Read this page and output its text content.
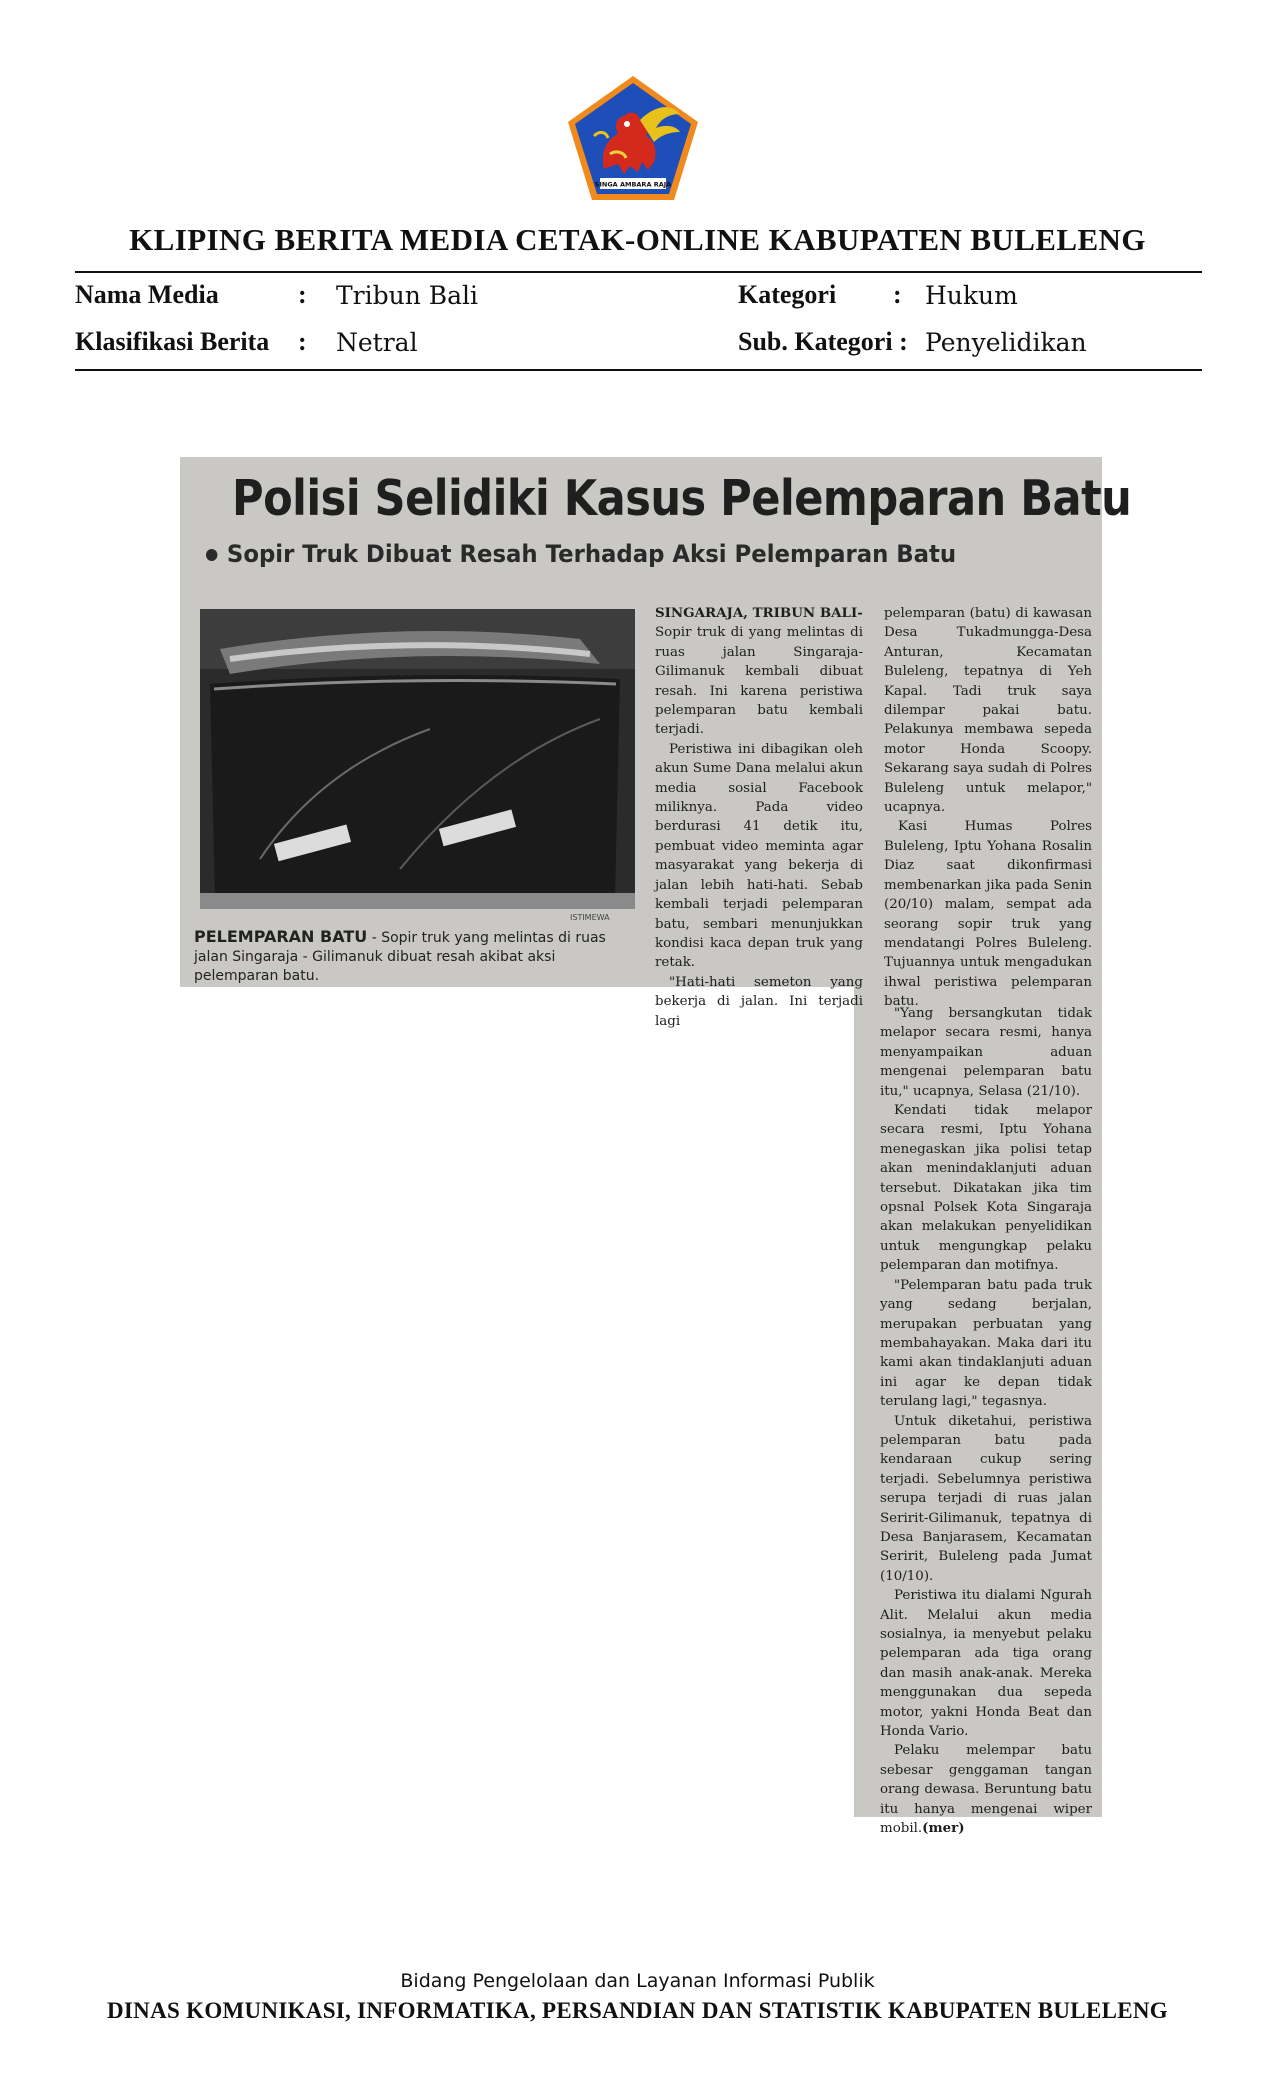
SINGA AMBARA RAJA
KLIPING BERITA MEDIA CETAK-ONLINE KABUPATEN BULELENG
Nama Media	: Tribun Bali	Kategori : Hukum
Klasifikasi Berita : Netral	Sub. Kategori : Penyelidikan
Polisi Selidiki Kasus Pelemparan Batu
Sopir Truk Dibuat Resah Terhadap Aksi Pelemparan Batu
ISTIMEWA
PELEMPARAN BATU - Sopir truk yang melintas di ruas jalan Singaraja - Gilimanuk dibuat resah akibat aksi pelemparan batu.

SINGARAJA, TRIBUN BALI-
Sopir truk di yang melintas di ruas jalan Singaraja-Gilimanuk kembali dibuat resah. Ini karena peristiwa pelemparan batu kembali terjadi.

Peristiwa ini dibagikan oleh akun Sume Dana melalui akun media sosial Facebook miliknya. Pada video berdurasi 41 detik itu, pembuat video meminta agar masyarakat yang bekerja di jalan lebih hati-hati. Sebab kembali terjadi pelemparan batu, sembari menunjukkan kondisi kaca depan truk yang retak.

"Hati-hati semeton yang bekerja di jalan. Ini terjadi lagi

pelemparan (batu) di kawasan Desa Tukadmungga-Desa Anturan, Kecamatan Buleleng, tepatnya di Yeh Kapal. Tadi truk saya dilempar pakai batu. Pelakunya membawa sepeda motor Honda Scoopy. Sekarang saya sudah di Polres Buleleng untuk melapor," ucapnya.

Kasi Humas Polres Buleleng, Iptu Yohana Rosalin Diaz saat dikonfirmasi membenarkan jika pada Senin (20/10) malam, sempat ada seorang sopir truk yang mendatangi Polres Buleleng. Tujuannya untuk mengadukan ihwal peristiwa pelemparan batu.

"Yang bersangkutan tidak melapor secara resmi, hanya menyampaikan aduan mengenai pelemparan batu itu," ucapnya, Selasa (21/10).

Kendati tidak melapor secara resmi, Iptu Yohana menegaskan jika polisi tetap akan menindaklanjuti aduan tersebut. Dikatakan jika tim opsnal Polsek Kota Singaraja akan melakukan penyelidikan untuk mengungkap pelaku pelemparan dan motifnya.

"Pelemparan batu pada truk yang sedang berjalan, merupakan perbuatan yang membahayakan. Maka dari itu kami akan tindaklanjuti aduan ini agar ke depan tidak terulang lagi," tegasnya.

Untuk diketahui, peristiwa pelemparan batu pada kendaraan cukup sering terjadi. Sebelumnya peristiwa serupa terjadi di ruas jalan Seririt-Gilimanuk, tepatnya di Desa Banjarasem, Kecamatan Seririt, Buleleng pada Jumat (10/10).

Peristiwa itu dialami Ngurah Alit. Melalui akun media sosialnya, ia menyebut pelaku pelemparan ada tiga orang dan masih anak-anak. Mereka menggunakan dua sepeda motor, yakni Honda Beat dan Honda Vario.

Pelaku melempar batu sebesar genggaman tangan orang dewasa. Beruntung batu itu hanya mengenai wiper mobil.(mer)

Bidang Pengelolaan dan Layanan Informasi Publik
DINAS KOMUNIKASI, INFORMATIKA, PERSANDIAN DAN STATISTIK KABUPATEN BULELENG
